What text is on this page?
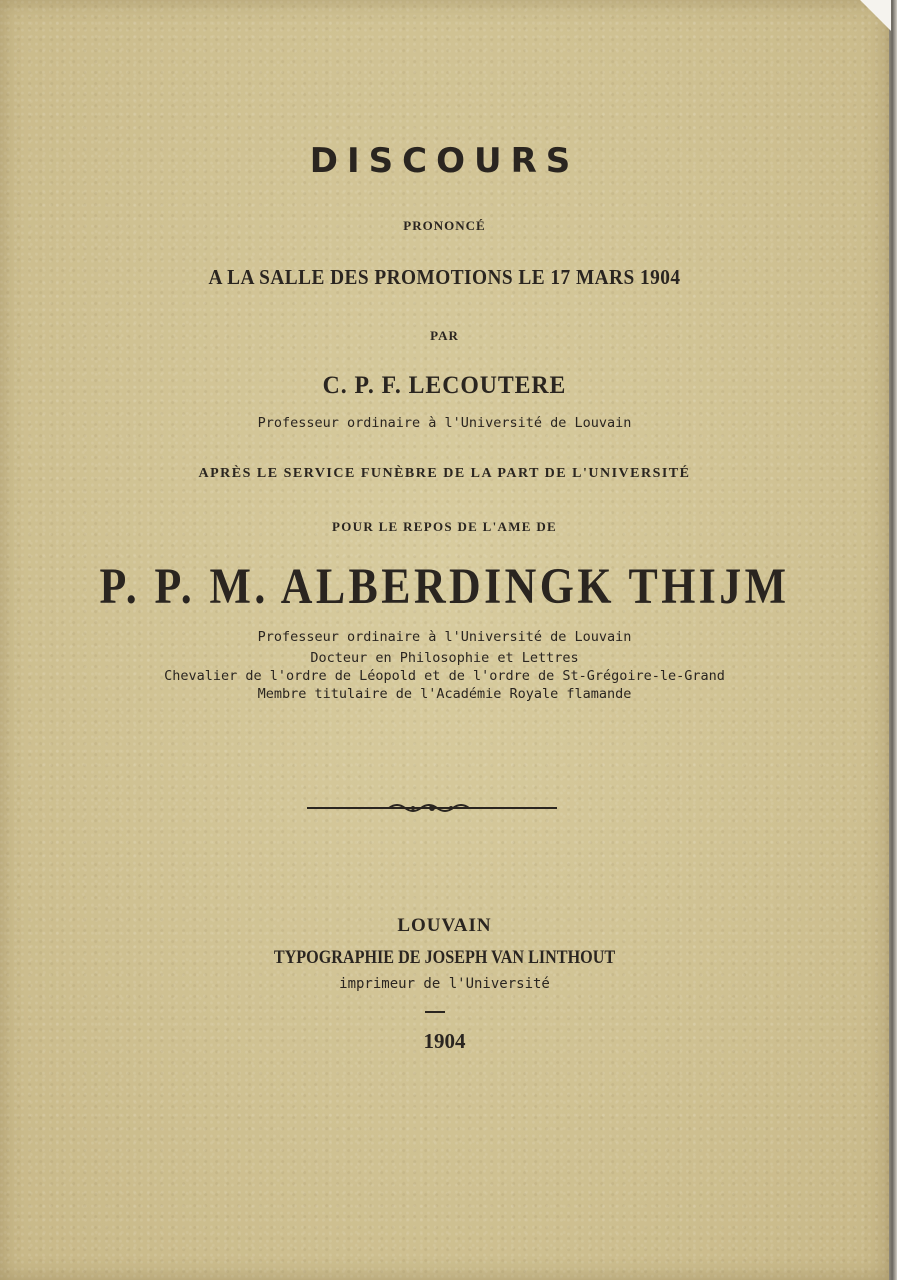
DISCOURS
PRONONCÉ
A LA SALLE DES PROMOTIONS LE 17 MARS 1904
PAR
C. P. F. LECOUTERE
Professeur ordinaire à l'Université de Louvain
APRÈS LE SERVICE FUNÈBRE DE LA PART DE L'UNIVERSITÉ
POUR LE REPOS DE L'AME DE
P. P. M. ALBERDINGK THIJM
Professeur ordinaire à l'Université de Louvain
Docteur en Philosophie et Lettres
Chevalier de l'ordre de Léopold et de l'ordre de St-Grégoire-le-Grand
Membre titulaire de l'Académie Royale flamande
LOUVAIN
TYPOGRAPHIE DE JOSEPH VAN LINTHOUT
imprimeur de l'Université
1904
